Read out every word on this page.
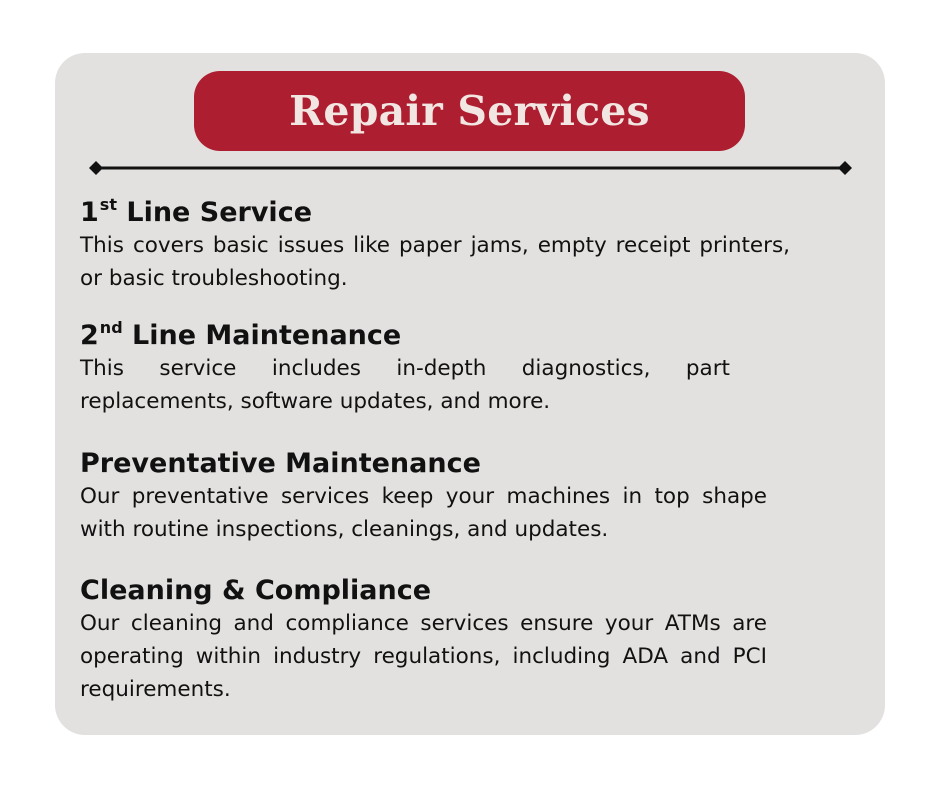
Repair Services
1st Line Service
This covers basic issues like paper jams, empty receipt printers, or basic troubleshooting.
2nd Line Maintenance
This service includes in-depth diagnostics, part replacements, software updates, and more.
Preventative Maintenance
Our preventative services keep your machines in top shape with routine inspections, cleanings, and updates.
Cleaning & Compliance
Our cleaning and compliance services ensure your ATMs are operating within industry regulations, including ADA and PCI requirements.
